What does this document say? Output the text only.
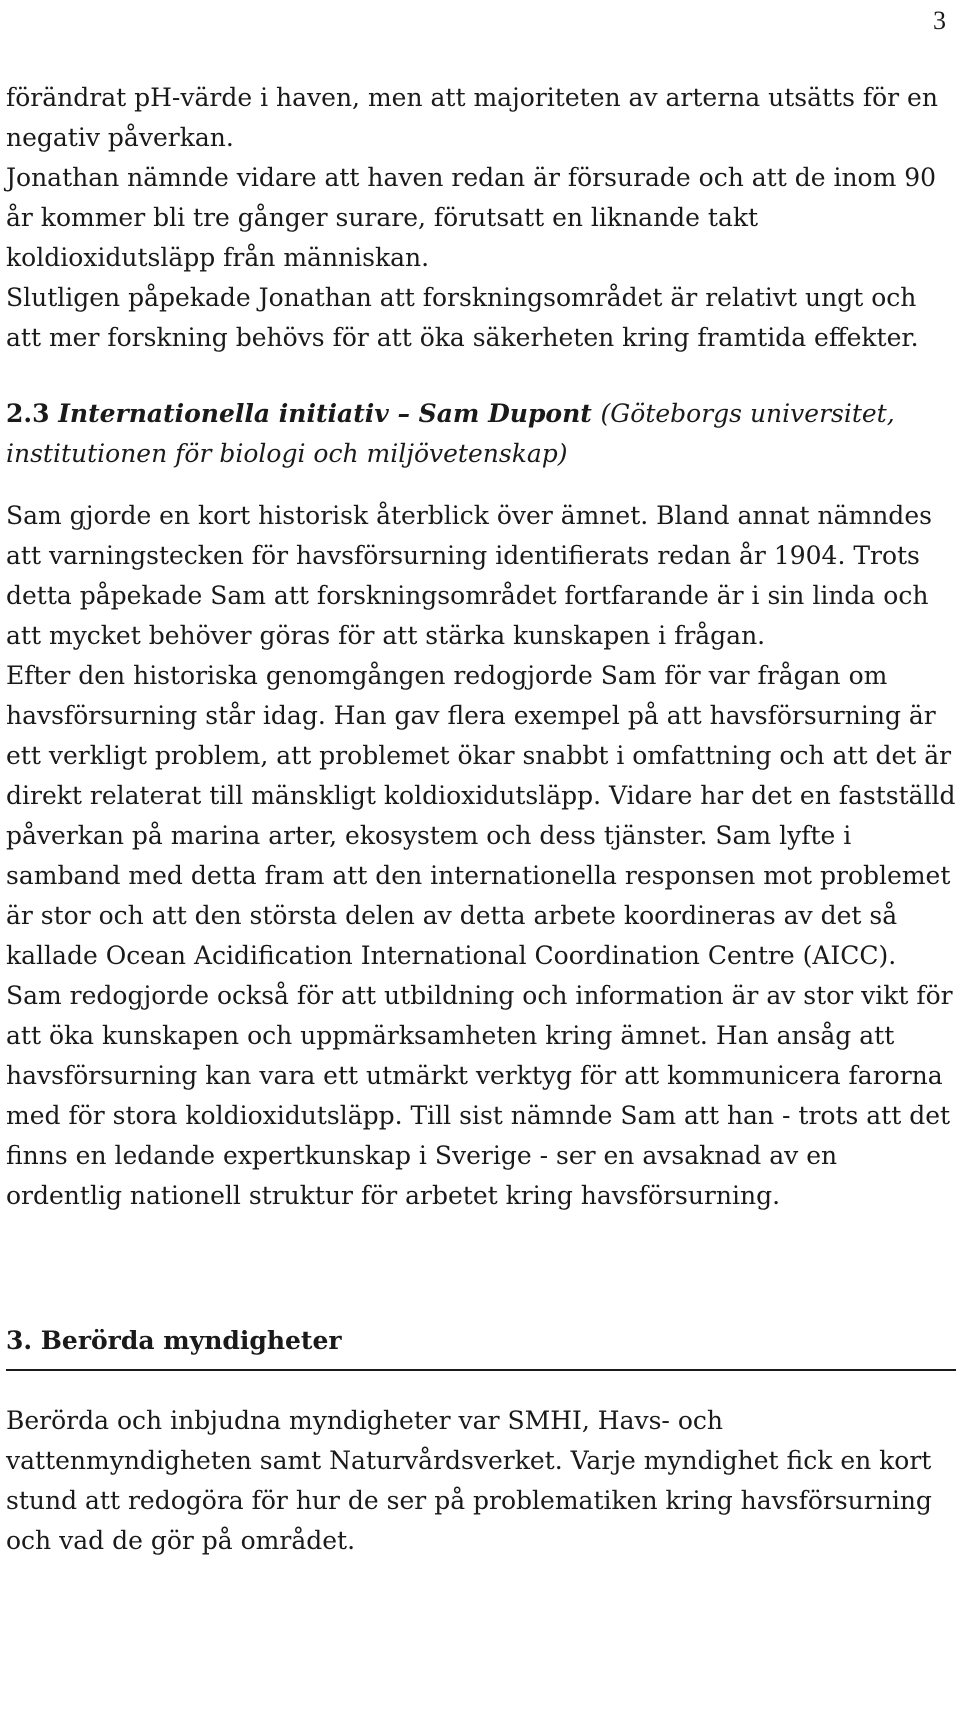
3

förändrat pH-värde i haven, men att majoriteten av arterna utsätts för en negativ påverkan.

Jonathan nämnde vidare att haven redan är försurade och att de inom 90 år kommer bli tre gånger surare, förutsatt en liknande takt koldioxidutsläpp från människan.

Slutligen påpekade Jonathan att forskningsområdet är relativt ungt och att mer forskning behövs för att öka säkerheten kring framtida effekter.

2.3 Internationella initiativ – Sam Dupont (Göteborgs universitet, institutionen för biologi och miljövetenskap)

Sam gjorde en kort historisk återblick över ämnet. Bland annat nämndes att varningstecken för havsförsurning identifierats redan år 1904. Trots detta påpekade Sam att forskningsområdet fortfarande är i sin linda och att mycket behöver göras för att stärka kunskapen i frågan.

Efter den historiska genomgången redogjorde Sam för var frågan om havsförsurning står idag. Han gav flera exempel på att havsförsurning är ett verkligt problem, att problemet ökar snabbt i omfattning och att det är direkt relaterat till mänskligt koldioxidutsläpp. Vidare har det en fastställd påverkan på marina arter, ekosystem och dess tjänster. Sam lyfte i samband med detta fram att den internationella responsen mot problemet är stor och att den största delen av detta arbete koordineras av det så kallade Ocean Acidification International Coordination Centre (AICC).

Sam redogjorde också för att utbildning och information är av stor vikt för att öka kunskapen och uppmärksamheten kring ämnet. Han ansåg att havsförsurning kan vara ett utmärkt verktyg för att kommunicera farorna med för stora koldioxidutsläpp. Till sist nämnde Sam att han - trots att det finns en ledande expertkunskap i Sverige - ser en avsaknad av en ordentlig nationell struktur för arbetet kring havsförsurning.

3. Berörda myndigheter

Berörda och inbjudna myndigheter var SMHI, Havs- och vattenmyndigheten samt Naturvårdsverket. Varje myndighet fick en kort stund att redogöra för hur de ser på problematiken kring havsförsurning och vad de gör på området.
